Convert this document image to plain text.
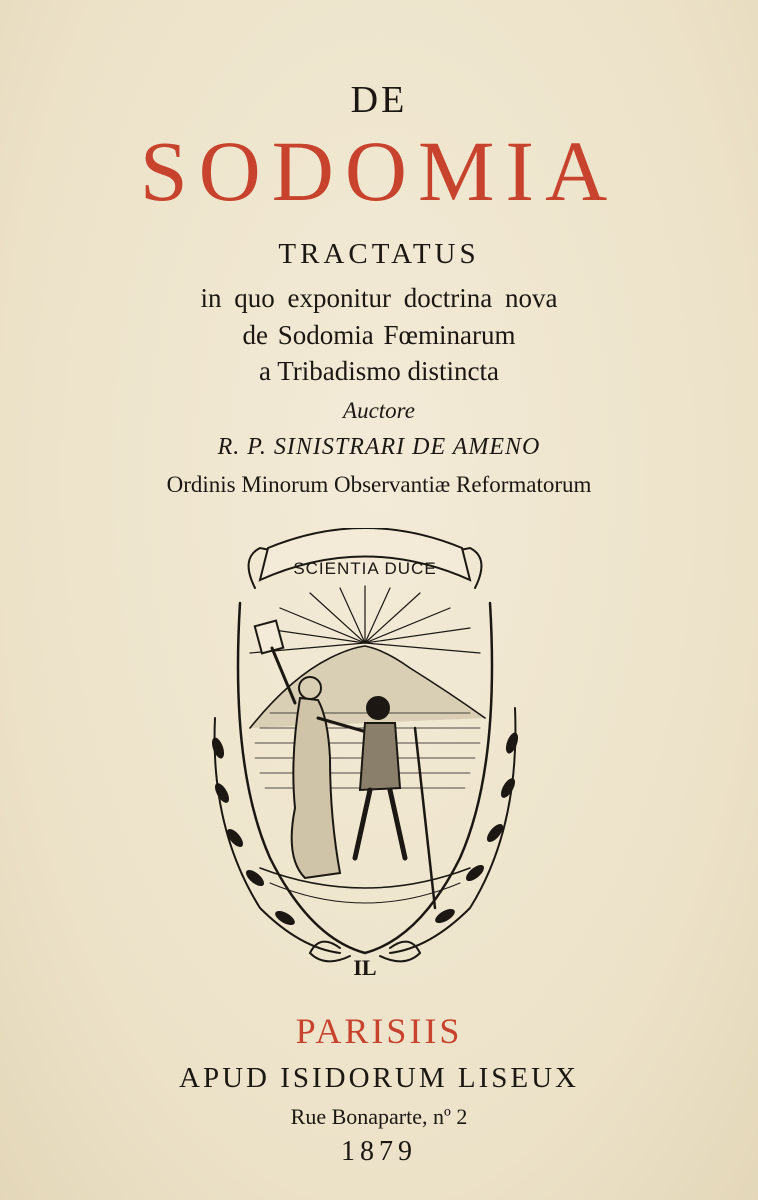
DE
SODOMIA
TRACTATUS
in quo exponitur doctrina nova
de Sodomia Fœminarum
a Tribadismo distincta
Auctore
R. P. SINISTRARI DE AMENO
Ordinis Minorum Observantiæ Reformatorum
SCIENTIA DUCE
IL
PARISIIS
APUD ISIDORUM LISEUX
Rue Bonaparte, nº 2
1879
